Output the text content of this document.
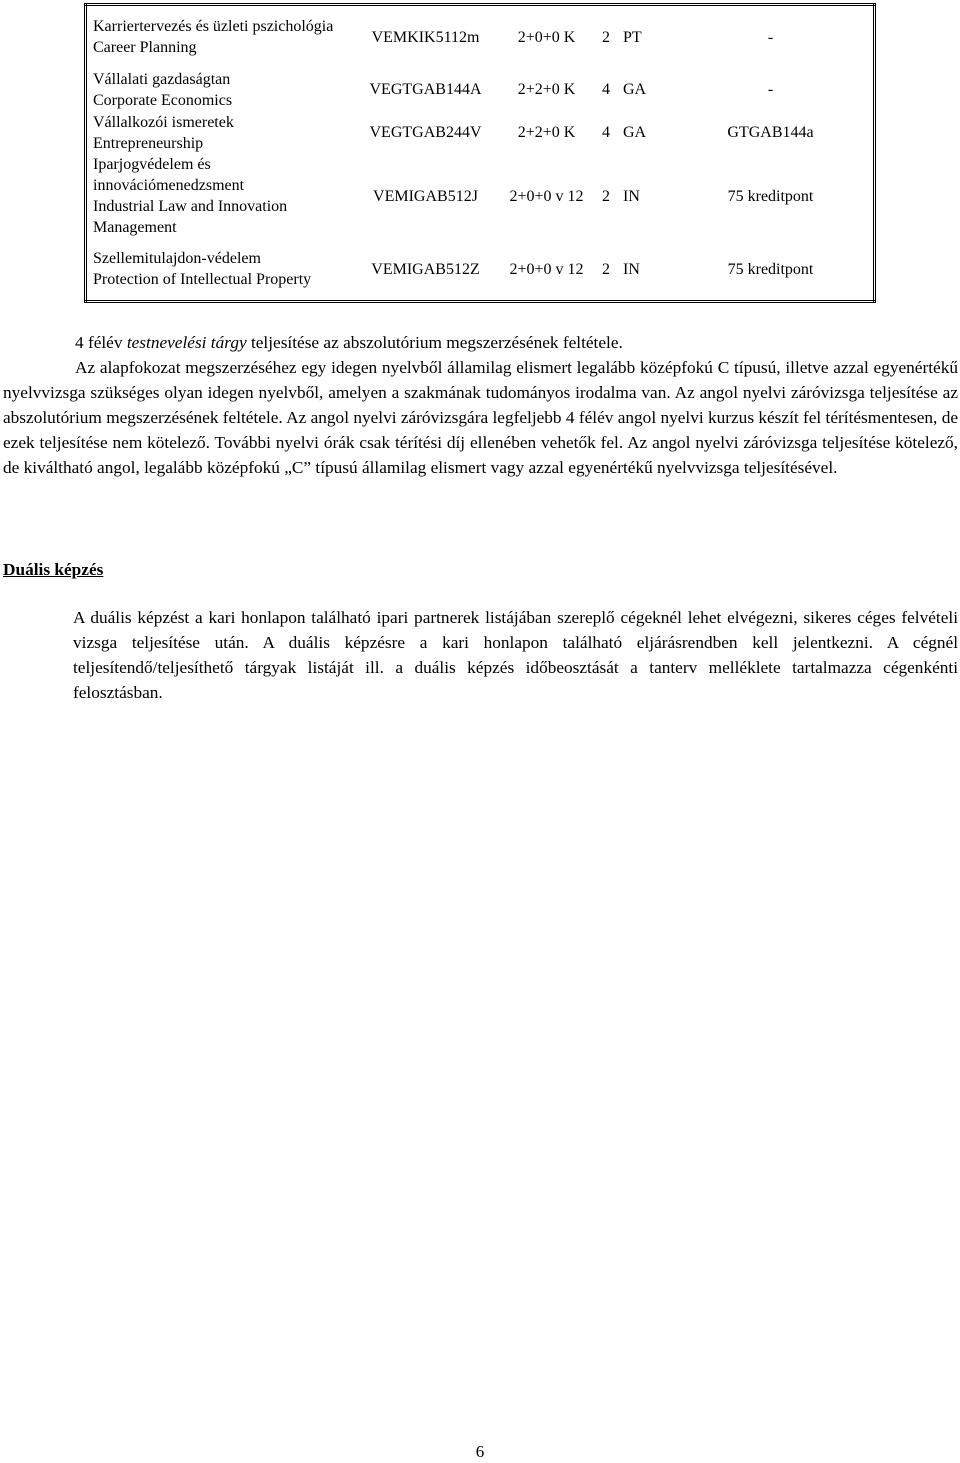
Karriertervezés és üzleti pszichológia
Career Planning	VEMKIK5112m	2+0+0 K	2	PT	-

Vállalati gazdaságtan
Corporate Economics	VEGTGAB144A	2+2+0 K	4	GA	-

Vállalkozói ismeretek
Entrepreneurship	VEGTGAB244V	2+2+0 K	4	GA	GTGAB144a

Iparjogvédelem és innovációmenedzsment
Industrial Law and Innovation Management	VEMIGAB512J	2+0+0 v 12	2	IN	75 kreditpont

Szellemitulajdon-védelem
Protection of Intellectual Property	VEMIGAB512Z	2+0+0 v 12	2	IN	75 kreditpont
4 félév testnevelési tárgy teljesítése az abszolutórium megszerzésének feltétele.
Az alapfokozat megszerzéséhez egy idegen nyelvből államilag elismert legalább középfokú C típusú, illetve azzal egyenértékű nyelvvizsga szükséges olyan idegen nyelvből, amelyen a szakmának tudományos irodalma van. Az angol nyelvi záróvizsga teljesítése az abszolutórium megszerzésének feltétele. Az angol nyelvi záróvizsgára legfeljebb 4 félév angol nyelvi kurzus készít fel térítésmentesen, de ezek teljesítése nem kötelező. További nyelvi órák csak térítési díj ellenében vehetők fel. Az angol nyelvi záróvizsga teljesítése kötelező, de kiváltható angol, legalább középfokú „C” típusú államilag elismert vagy azzal egyenértékű nyelvvizsga teljesítésével.
Duális képzés
A duális képzést a kari honlapon található ipari partnerek listájában szereplő cégeknél lehet elvégezni, sikeres céges felvételi vizsga teljesítése után. A duális képzésre a kari honlapon található eljárásrendben kell jelentkezni. A cégnél teljesítendő/teljesíthető tárgyak listáját ill. a duális képzés időbeosztását a tanterv melléklete tartalmazza cégenkénti felosztásban.
6
